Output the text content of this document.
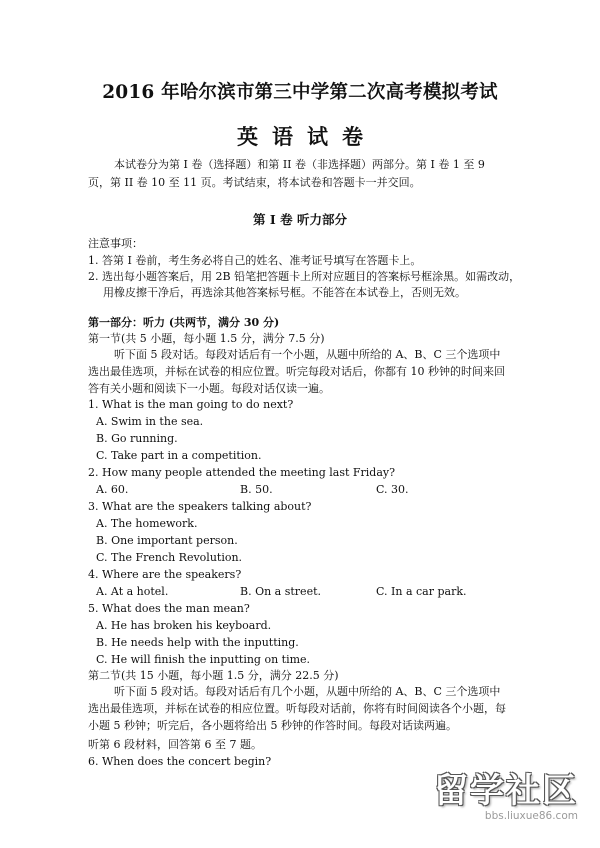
2016 年哈尔滨市第三中学第二次高考模拟考试
英语试卷
本试卷分为第 I 卷（选择题）和第 II 卷（非选择题）两部分。第 I 卷 1 至 9 页，第 II 卷 10 至 11 页。考试结束，将本试卷和答题卡一并交回。
第 I 卷 听力部分
注意事项：
1. 答第 I 卷前，考生务必将自己的姓名、准考证号填写在答题卡上。
2. 选出每小题答案后，用 2B 铅笔把答题卡上所对应题目的答案标号框涂黑。如需改动，
用橡皮擦干净后，再选涂其他答案标号框。不能答在本试卷上，否则无效。
第一部分：听力 (共两节，满分 30 分)
第一节(共 5 小题，每小题 1.5 分，满分 7.5 分)
听下面 5 段对话。每段对话后有一个小题，从题中所给的 A、B、C 三个选项中选出最佳选项，并标在试卷的相应位置。听完每段对话后，你都有 10 秒钟的时间来回答有关小题和阅读下一小题。每段对话仅读一遍。
1. What is the man going to do next?
A. Swim in the sea.
B. Go running.
C. Take part in a competition.
2. How many people attended the meeting last Friday?
A. 60.	B. 50.	C. 30.
3. What are the speakers talking about?
A. The homework.
B. One important person.
C. The French Revolution.
4. Where are the speakers?
A. At a hotel.	B. On a street.	C. In a car park.
5. What does the man mean?
A. He has broken his keyboard.
B. He needs help with the inputting.
C. He will finish the inputting on time.
第二节(共 15 小题，每小题 1.5 分，满分 22.5 分)
听下面 5 段对话。每段对话后有几个小题，从题中所给的 A、B、C 三个选项中选出最佳选项，并标在试卷的相应位置。听每段对话前，你将有时间阅读各个小题，每小题 5 秒钟；听完后，各小题将给出 5 秒钟的作答时间。每段对话读两遍。
听第 6 段材料，回答第 6 至 7 题。
6. When does the concert begin?
留学社区
bbs.liuxue86.com
